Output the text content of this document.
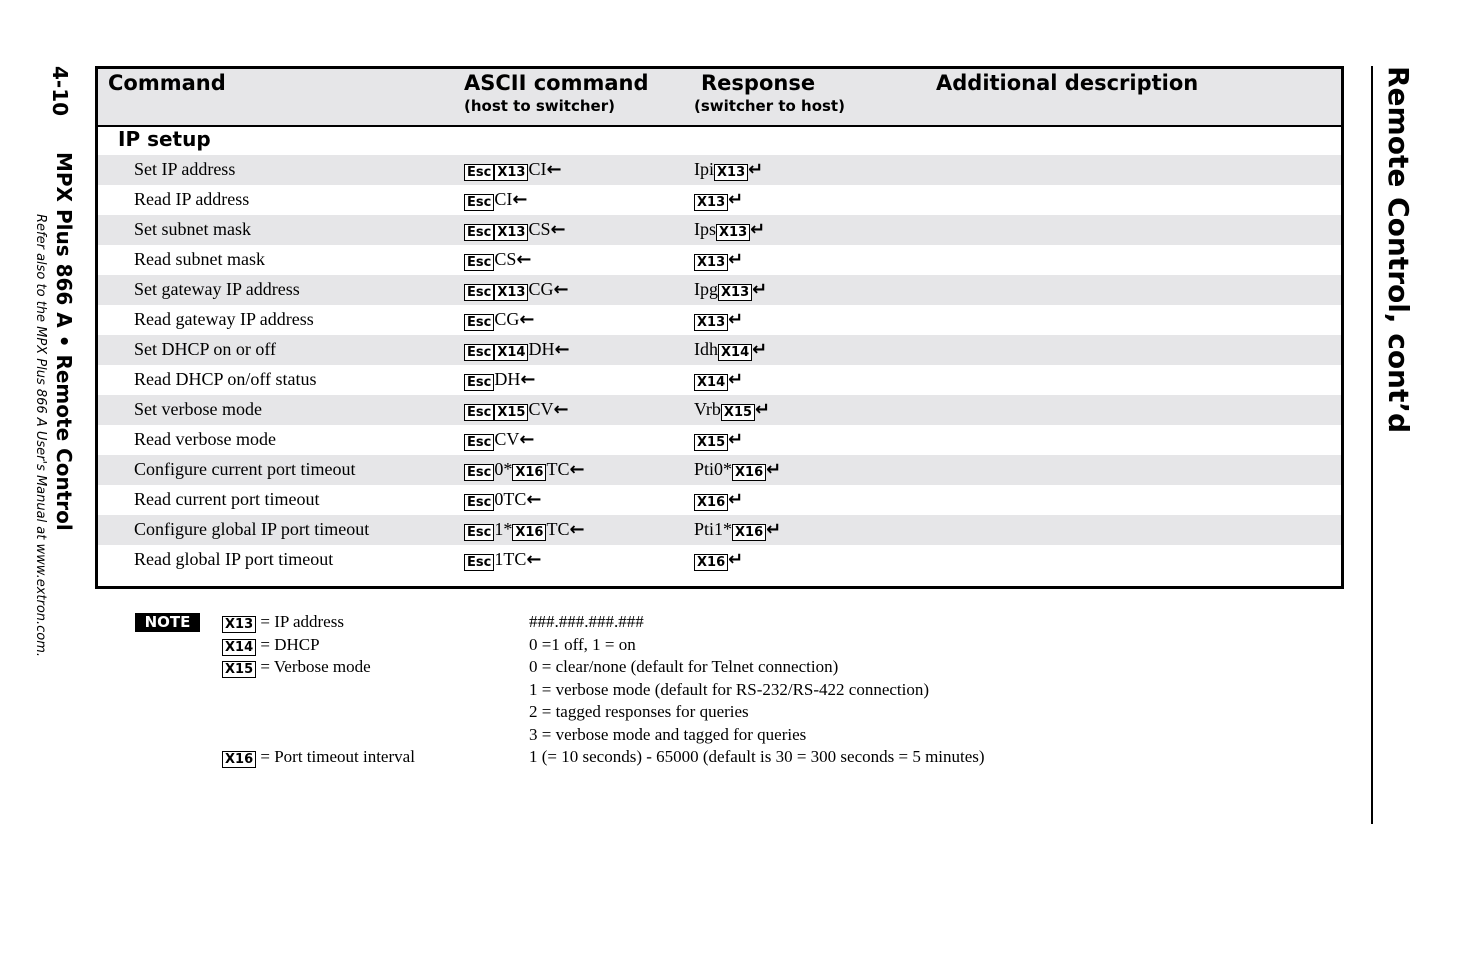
4-10
MPX Plus 866 A • Remote Control
Refer also to the MPX Plus 866 A User's Manual at www.extron.com.	Remote Control, cont’d
Command	ASCII command
(host to switcher)
Response
(switcher to host)
Additional description
IP setup
Set IP address	Esc X13 CI←	Ipi X13 ↵
Read IP address	Esc CI←	X13 ↵
Set subnet mask	Esc X13 CS←	Ips X13 ↵
Read subnet mask	Esc CS←	X13 ↵
Set gateway IP address	Esc X13 CG←	Ipg X13 ↵
Read gateway IP address	Esc CG←	X13 ↵
Set DHCP on or off	Esc X14 DH←	Idh X14 ↵
Read DHCP on/off status	Esc DH←	X14 ↵
Set verbose mode	Esc X15 CV←	Vrb X15 ↵
Read verbose mode	Esc CV←	X15 ↵
Configure current port timeout	Esc 0* X16 TC←	Pti0* X16 ↵
Read current port timeout	Esc 0TC←	X16 ↵
Configure global IP port timeout	Esc 1* X16 TC←	Pti1* X16 ↵
Read global IP port timeout	Esc 1TC←	X16 ↵
NOTE	X13 = IP address	###.###.###.###
X14 = DHCP	0 =1 off, 1 = on
X15 = Verbose mode	0 = clear/none (default for Telnet connection)
1 = verbose mode (default for RS-232/RS-422 connection)
2 = tagged responses for queries
3 = verbose mode and tagged for queries
X16 = Port timeout interval	1 (= 10 seconds) - 65000 (default is 30 = 300 seconds = 5 minutes)
